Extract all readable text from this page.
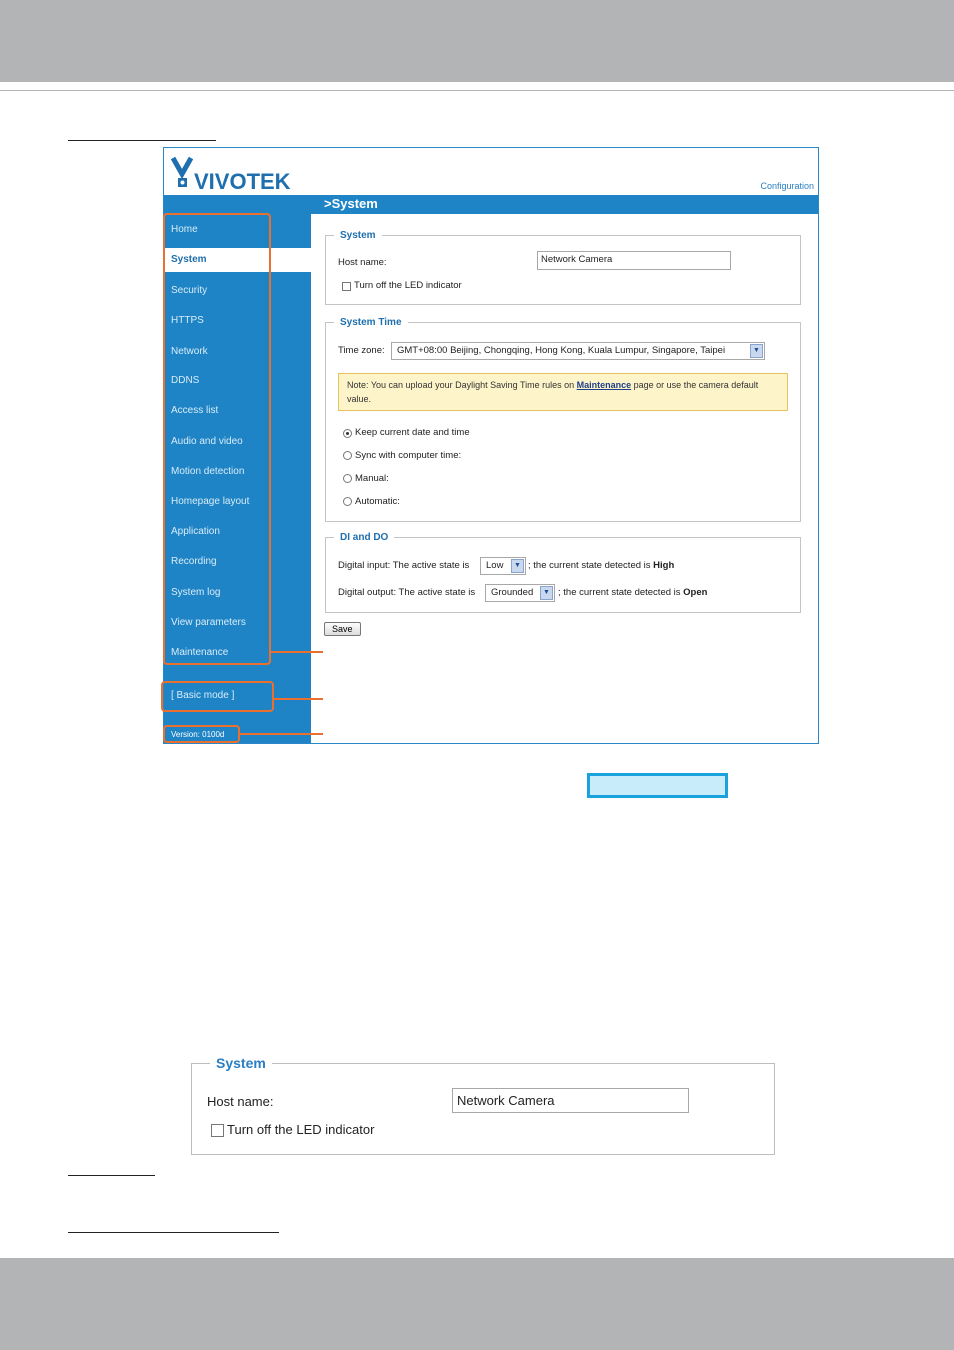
VIVOTEK	Configuration
>System
Home
System
Security
HTTPS
Network
DDNS
Access list
Audio and video
Motion detection
Homepage layout
Application
Recording
System log
View parameters
Maintenance
[ Basic mode ]
Version: 0100d
System
Host name:	Network Camera
Turn off the LED indicator
System Time
Time zone:	GMT+08:00 Beijing, Chongqing, Hong Kong, Kuala Lumpur, Singapore, Taipei	▼
Note: You can upload your Daylight Saving Time rules on Maintenance page or use the camera default value.
Keep current date and time
Sync with computer time:
Manual:
Automatic:
DI and DO
Digital input: The active state is	Low	▼ ; the current state detected is High
Digital output: The active state is	Grounded	▼ ; the current state detected is Open
Save
System
Host name:	Network Camera
Turn off the LED indicator
